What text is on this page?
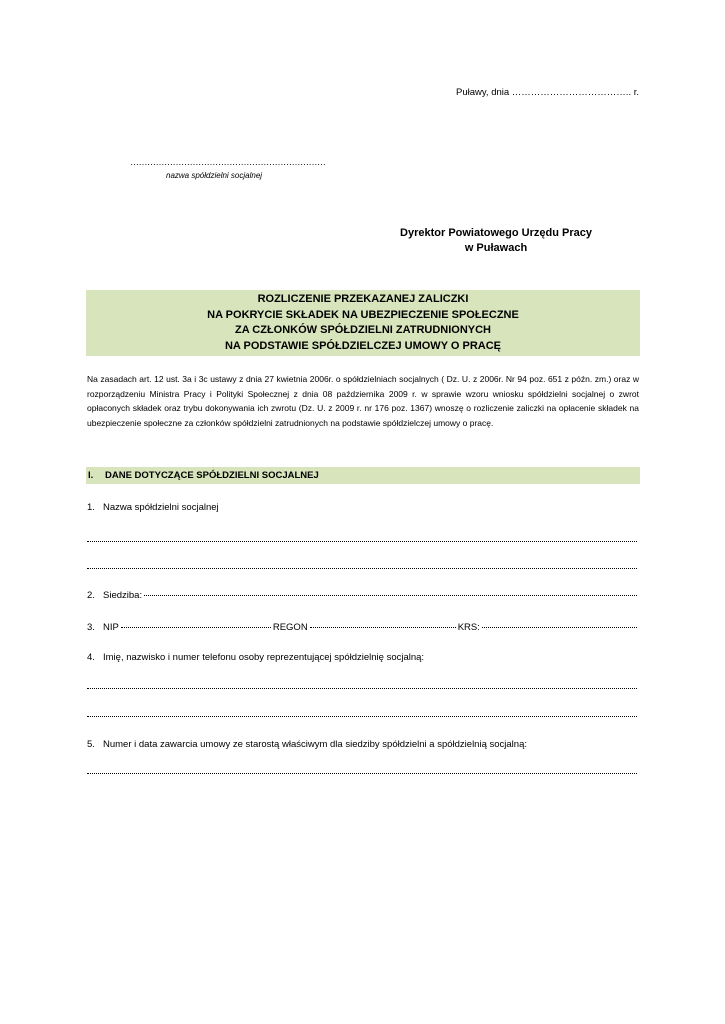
Puławy, dnia ……………………………….. r.
……………………………………………………………
nazwa spółdzielni socjalnej
Dyrektor Powiatowego Urzędu Pracy
w Puławach
ROZLICZENIE PRZEKAZANEJ ZALICZKI
NA POKRYCIE SKŁADEK NA UBEZPIECZENIE SPOŁECZNE
ZA CZŁONKÓW SPÓŁDZIELNI ZATRUDNIONYCH
NA PODSTAWIE SPÓŁDZIELCZEJ UMOWY O PRACĘ
Na zasadach art. 12 ust. 3a i 3c ustawy z dnia 27 kwietnia 2006r. o spółdzielniach socjalnych ( Dz. U. z 2006r. Nr 94 poz. 651 z późn. zm.) oraz w rozporządzeniu Ministra Pracy i Polityki Społecznej z dnia 08 października 2009 r. w sprawie wzoru wniosku spółdzielni socjalnej o zwrot opłaconych składek oraz trybu dokonywania ich zwrotu (Dz. U. z 2009 r. nr 176 poz. 1367) wnoszę o rozliczenie zaliczki na opłacenie składek na ubezpieczenie społeczne za członków spółdzielni zatrudnionych na podstawie spółdzielczej umowy o pracę.
I. DANE DOTYCZĄCE SPÓŁDZIELNI SOCJALNEJ
1. Nazwa spółdzielni socjalnej
2. Siedziba:
3. NIP	REGON	KRS:
4. Imię, nazwisko i numer telefonu osoby reprezentującej spółdzielnię socjalną:
5. Numer i data zawarcia umowy ze starostą właściwym dla siedziby spółdzielni a spółdzielnią socjalną:
